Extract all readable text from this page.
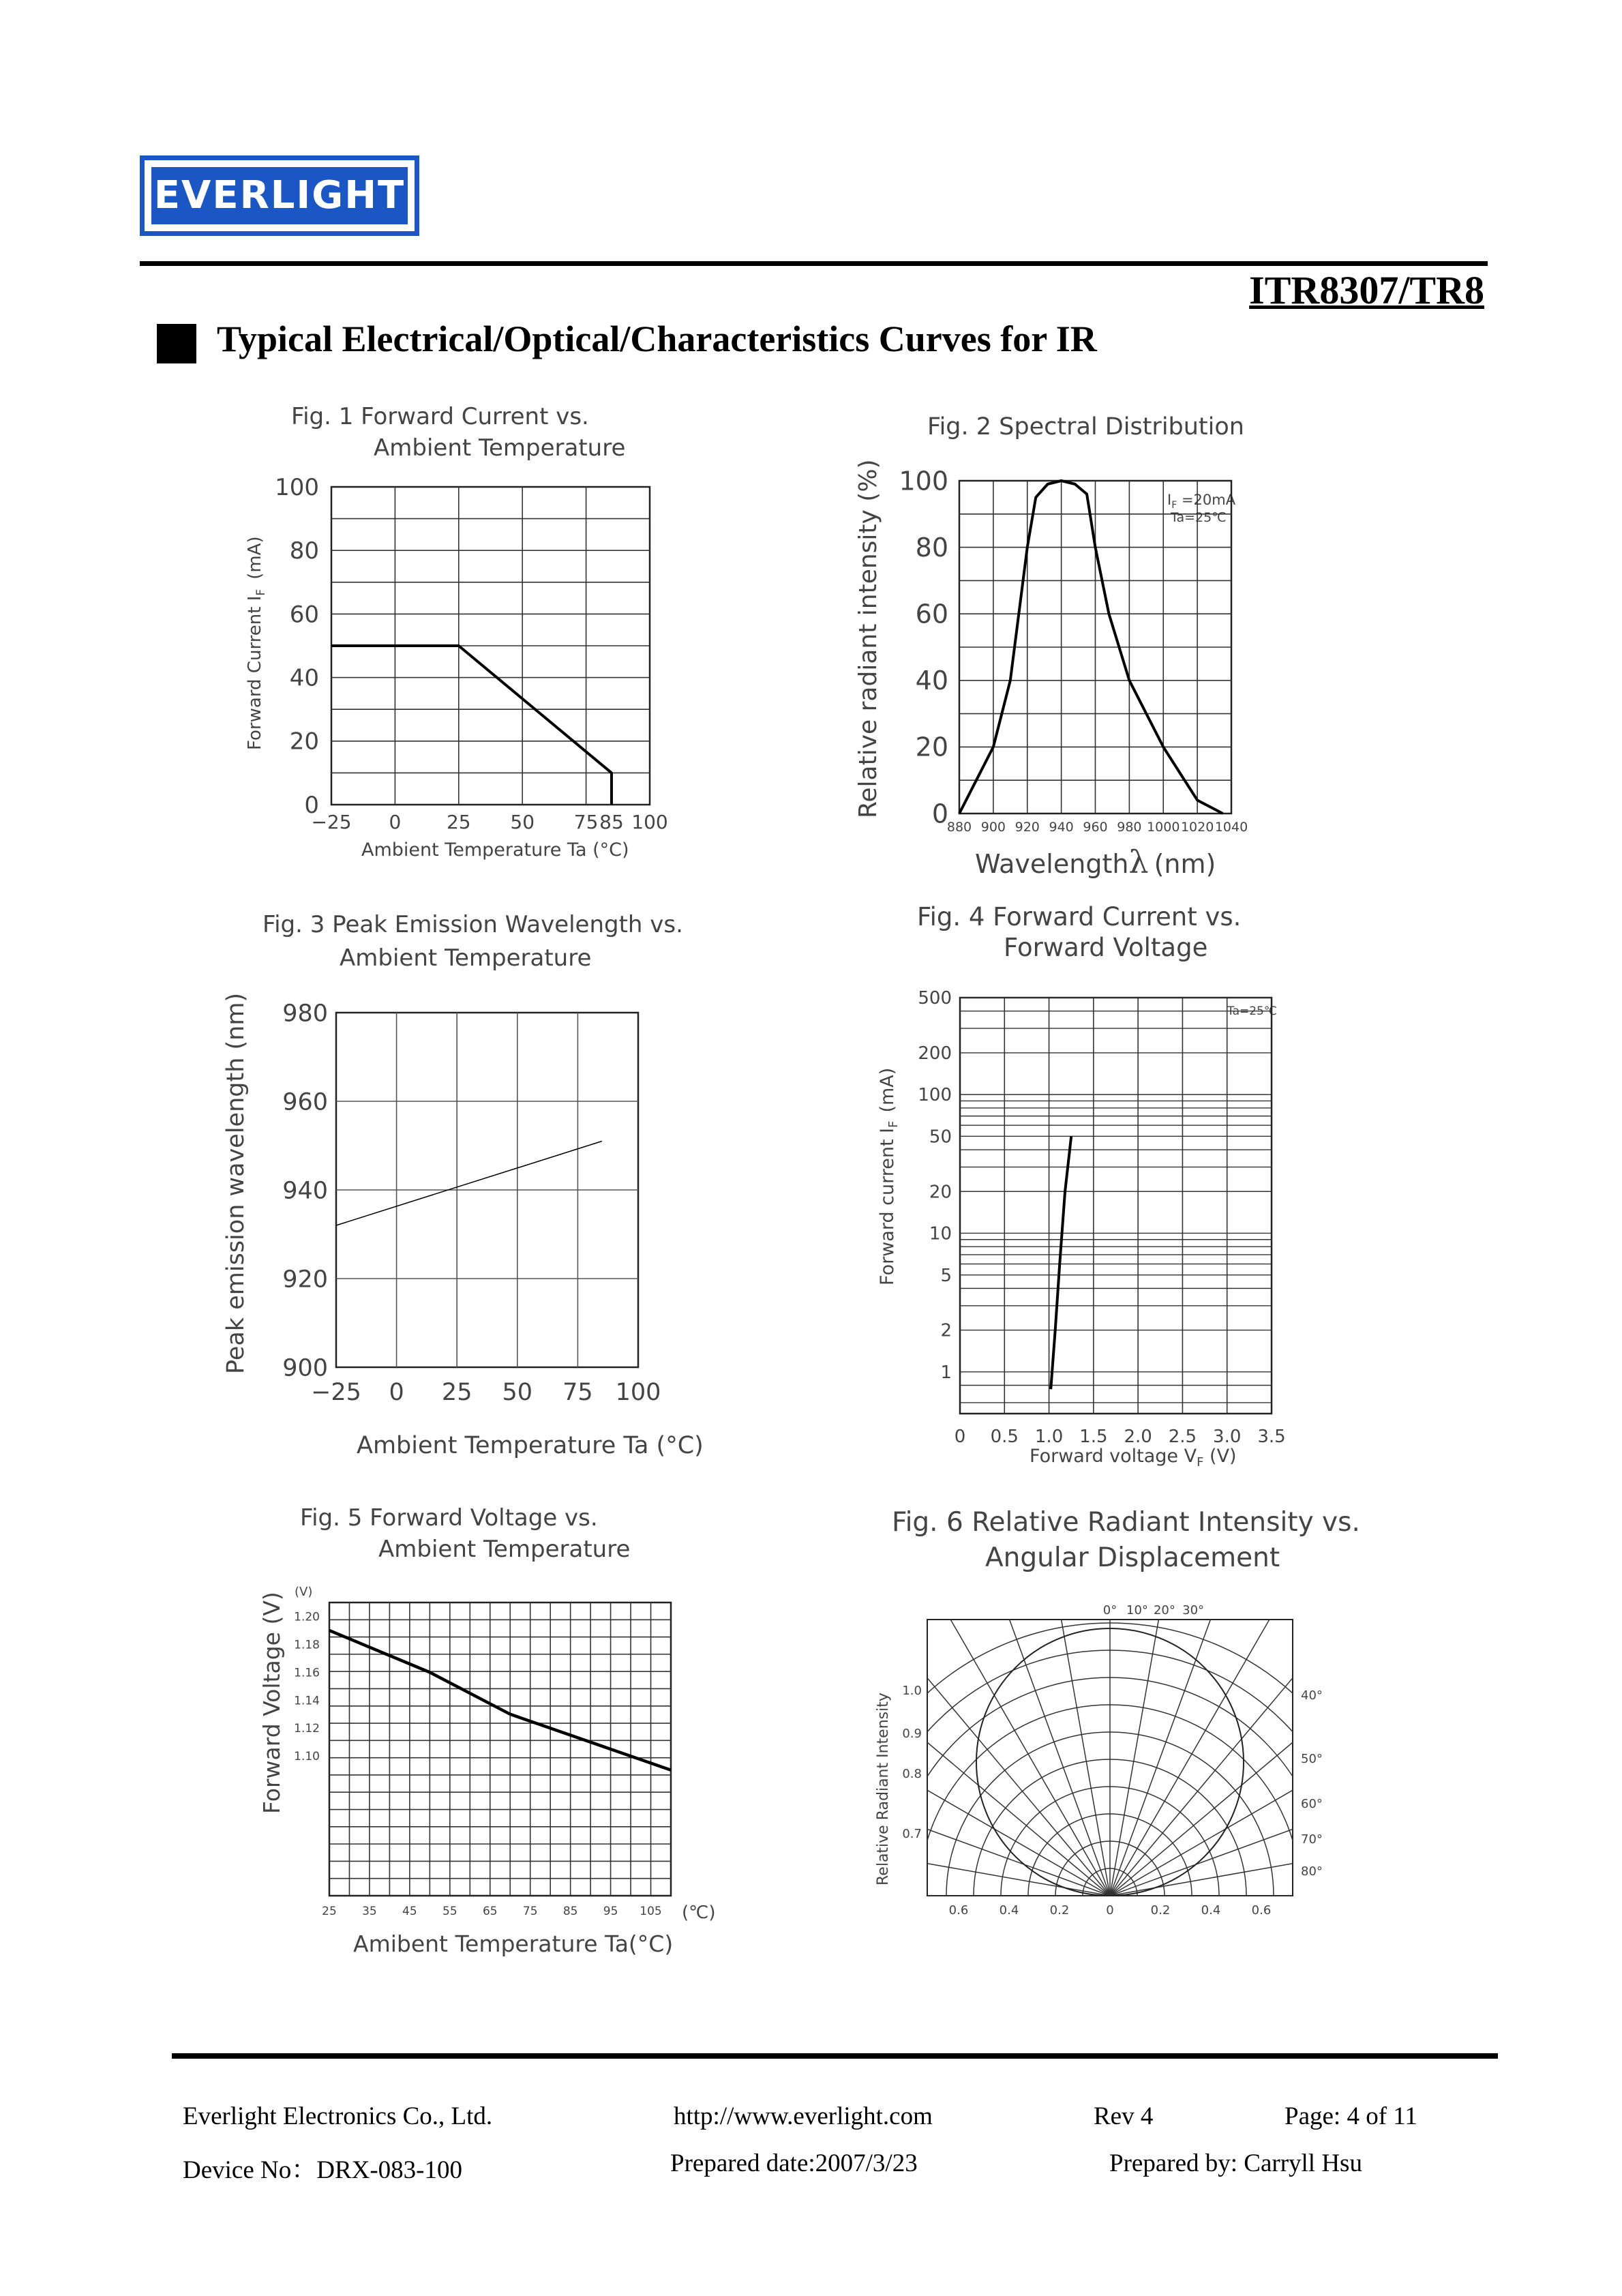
EVERLIGHT
ITR8307/TR8
Typical Electrical/Optical/Characteristics Curves for IR
Fig. 1 Forward Current vs.
Ambient Temperature
Forward Current $I_F(mA)$
Ambient Temperature Ta (°C)
−25 0 25 50 75 85 100
0
20
40
60
80
100
Fig. 2 Spectral Distribution
Relative radiant intensity (%)
Wavelengthλ (nm)
$I_F =20mA$
Ta=25℃
880 900 920 940 960 980 1000 1020 1040
0
20
40
60
80
100
Fig. 3 Peak Emission Wavelength vs.
Ambient Temperature
Peak emission wavelength (nm)
Ambient Temperature Ta (°C)
−25 0 25 50 75 100
900
920
940
960
980
Fig. 4 Forward Current vs.
Forward Voltage
Forward current $I_F(mA)$
Forward voltage $V_F$ (V)
Ta=25℃
0 0.5 1.0 1.5 2.0 2.5 3.0 3.5
1
2
5
10
20
50
100
200
500
Fig. 5 Forward Voltage vs.
Ambient Temperature
Forward Voltage (V) (V)
(℃)
Amibent Temperature Ta(°C)
25 35 45 55 65 75 85 95 105
1.20
1.18
1.16
1.14
1.12
1.10
Fig. 6 Relative Radiant Intensity vs.
Angular Displacement
Relative Radiant Intensity
0° 10° 20° 30°
40°
50°
60°
70°
80°
1.0
0.9
0.8
0.7
0.6	0.4	0.2	0	0.2	0.4	0.6
Everlight Electronics Co., Ltd.	http://www.everlight.com	Rev 4	Page: 4 of 11
Device No：DRX-083-100	Prepared date:2007/3/23	Prepared by: Carryll Hsu
